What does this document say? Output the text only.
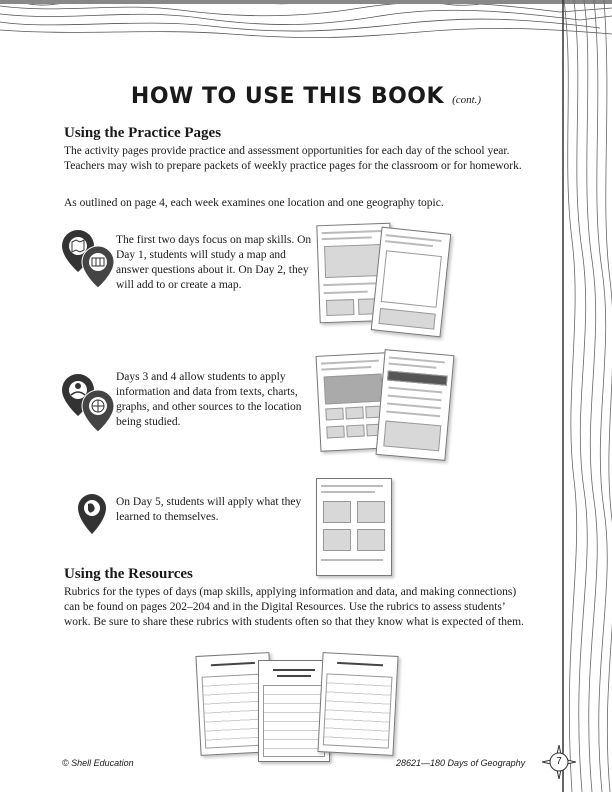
HOW TO USE THIS BOOK (cont.)
Using the Practice Pages

The activity pages provide practice and assessment opportunities for each day of the school year. Teachers may wish to prepare packets of weekly practice pages for the classroom or for homework.

As outlined on page 4, each week examines one location and one geography topic.

The first two days focus on map skills. On Day 1, students will study a map and answer questions about it. On Day 2, they will add to or create a map.

Days 3 and 4 allow students to apply information and data from texts, charts, graphs, and other sources to the location being studied.

On Day 5, students will apply what they learned to themselves.

Using the Resources

Rubrics for the types of days (map skills, applying information and data, and making connections) can be found on pages 202–204 and in the Digital Resources. Use the rubrics to assess students’ work. Be sure to share these rubrics with students often so that they know what is expected of them.

© Shell Education	28621—180 Days of Geography	7
